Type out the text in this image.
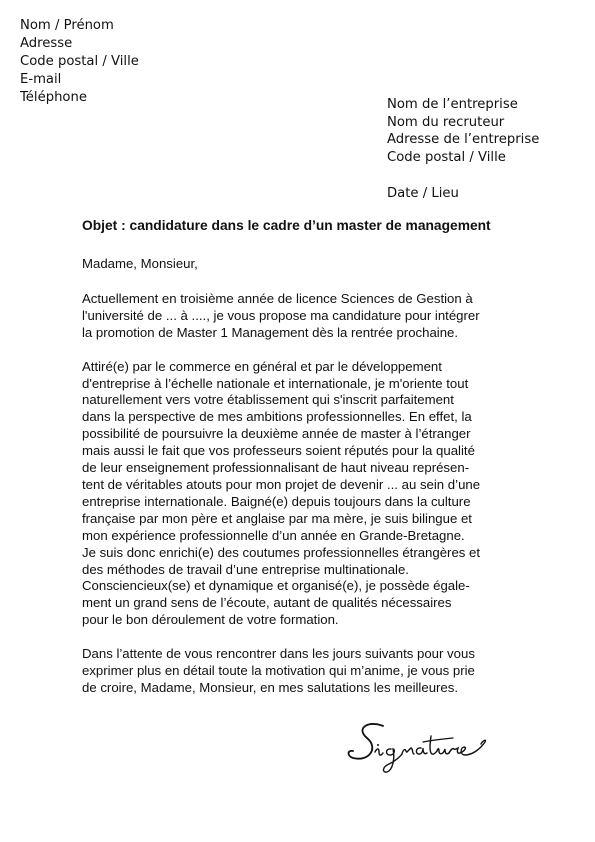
Nom / Prénom
Adresse
Code postal / Ville
E-mail
Téléphone	Nom de l’entreprise
Nom du recruteur
Adresse de l’entreprise
Code postal / Ville
Date / Lieu
Objet : candidature dans le cadre d’un master de management

Madame, Monsieur,

Actuellement en troisième année de licence Sciences de Gestion à
l'université de ... à ...., je vous propose ma candidature pour intégrer
la promotion de Master 1 Management dès la rentrée prochaine.

Attiré(e) par le commerce en général et par le développement
d'entreprise à l’échelle nationale et internationale, je m'oriente tout
naturellement vers votre établissement qui s'inscrit parfaitement
dans la perspective de mes ambitions professionnelles. En effet, la
possibilité de poursuivre la deuxième année de master à l’étranger
mais aussi le fait que vos professeurs soient réputés pour la qualité
de leur enseignement professionnalisant de haut niveau représen-
tent de véritables atouts pour mon projet de devenir ... au sein d’une
entreprise internationale. Baigné(e) depuis toujours dans la culture
française par mon père et anglaise par ma mère, je suis bilingue et
mon expérience professionnelle d’un année en Grande-Bretagne.
Je suis donc enrichi(e) des coutumes professionnelles étrangères et
des méthodes de travail d’une entreprise multinationale.
Consciencieux(se) et dynamique et organisé(e), je possède égale-
ment un grand sens de l’écoute, autant de qualités nécessaires
pour le bon déroulement de votre formation.

Dans l’attente de vous rencontrer dans les jours suivants pour vous
exprimer plus en détail toute la motivation qui m’anime, je vous prie
de croire, Madame, Monsieur, en mes salutations les meilleures.
